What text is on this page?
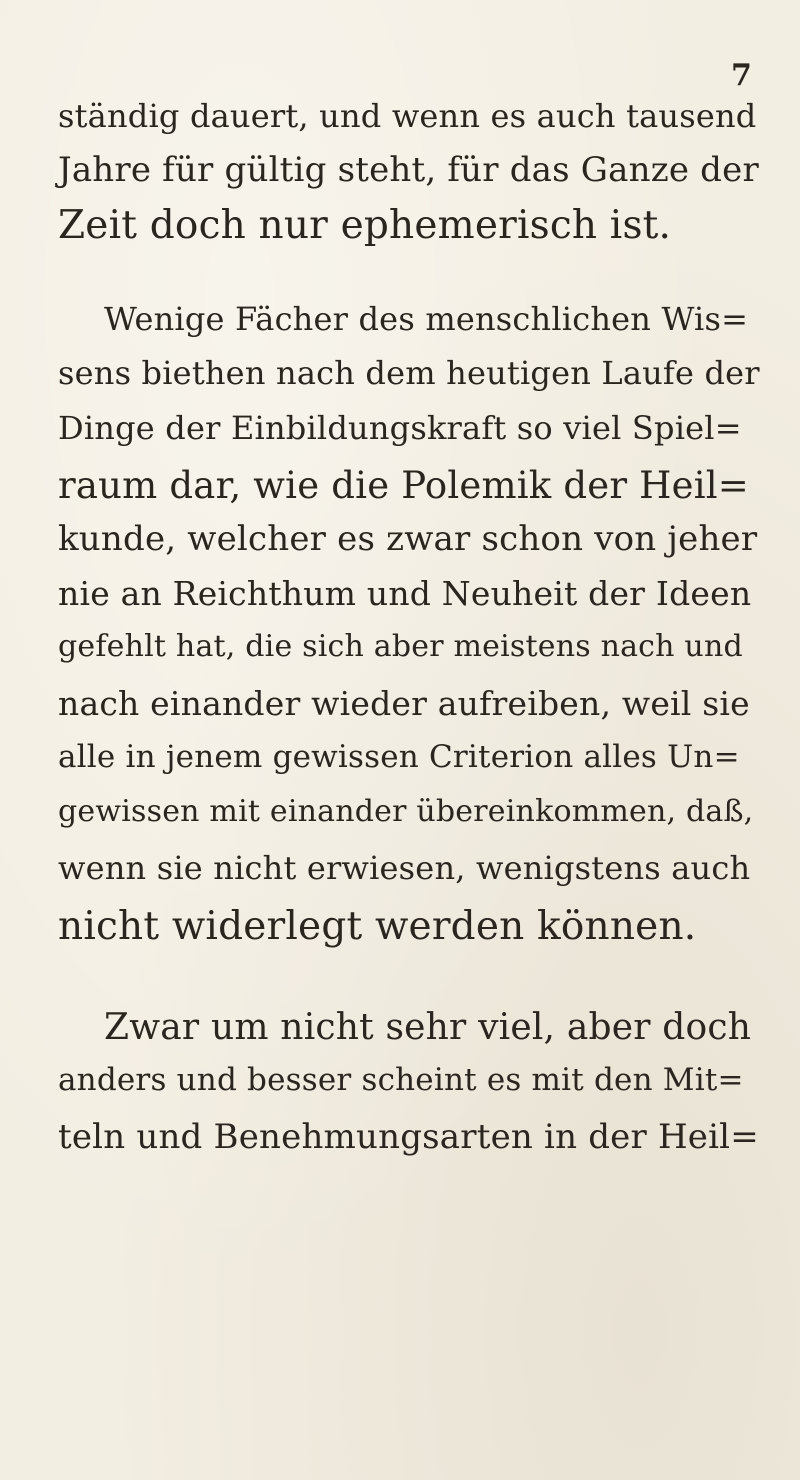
7
ständig dauert, und wenn es auch tausend
Jahre für gültig steht, für das Ganze der
Zeit doch nur ephemerisch ist.
Wenige Fächer des menschlichen Wis=
sens biethen nach dem heutigen Laufe der
Dinge der Einbildungskraft so viel Spiel=
raum dar, wie die Polemik der Heil=
kunde, welcher es zwar schon von jeher
nie an Reichthum und Neuheit der Ideen
gefehlt hat, die sich aber meistens nach und
nach einander wieder aufreiben, weil sie
alle in jenem gewissen Criterion alles Un=
gewissen mit einander übereinkommen, daß,
wenn sie nicht erwiesen, wenigstens auch
nicht widerlegt werden können.
Zwar um nicht sehr viel, aber doch
anders und besser scheint es mit den Mit=
teln und Benehmungsarten in der Heil=
